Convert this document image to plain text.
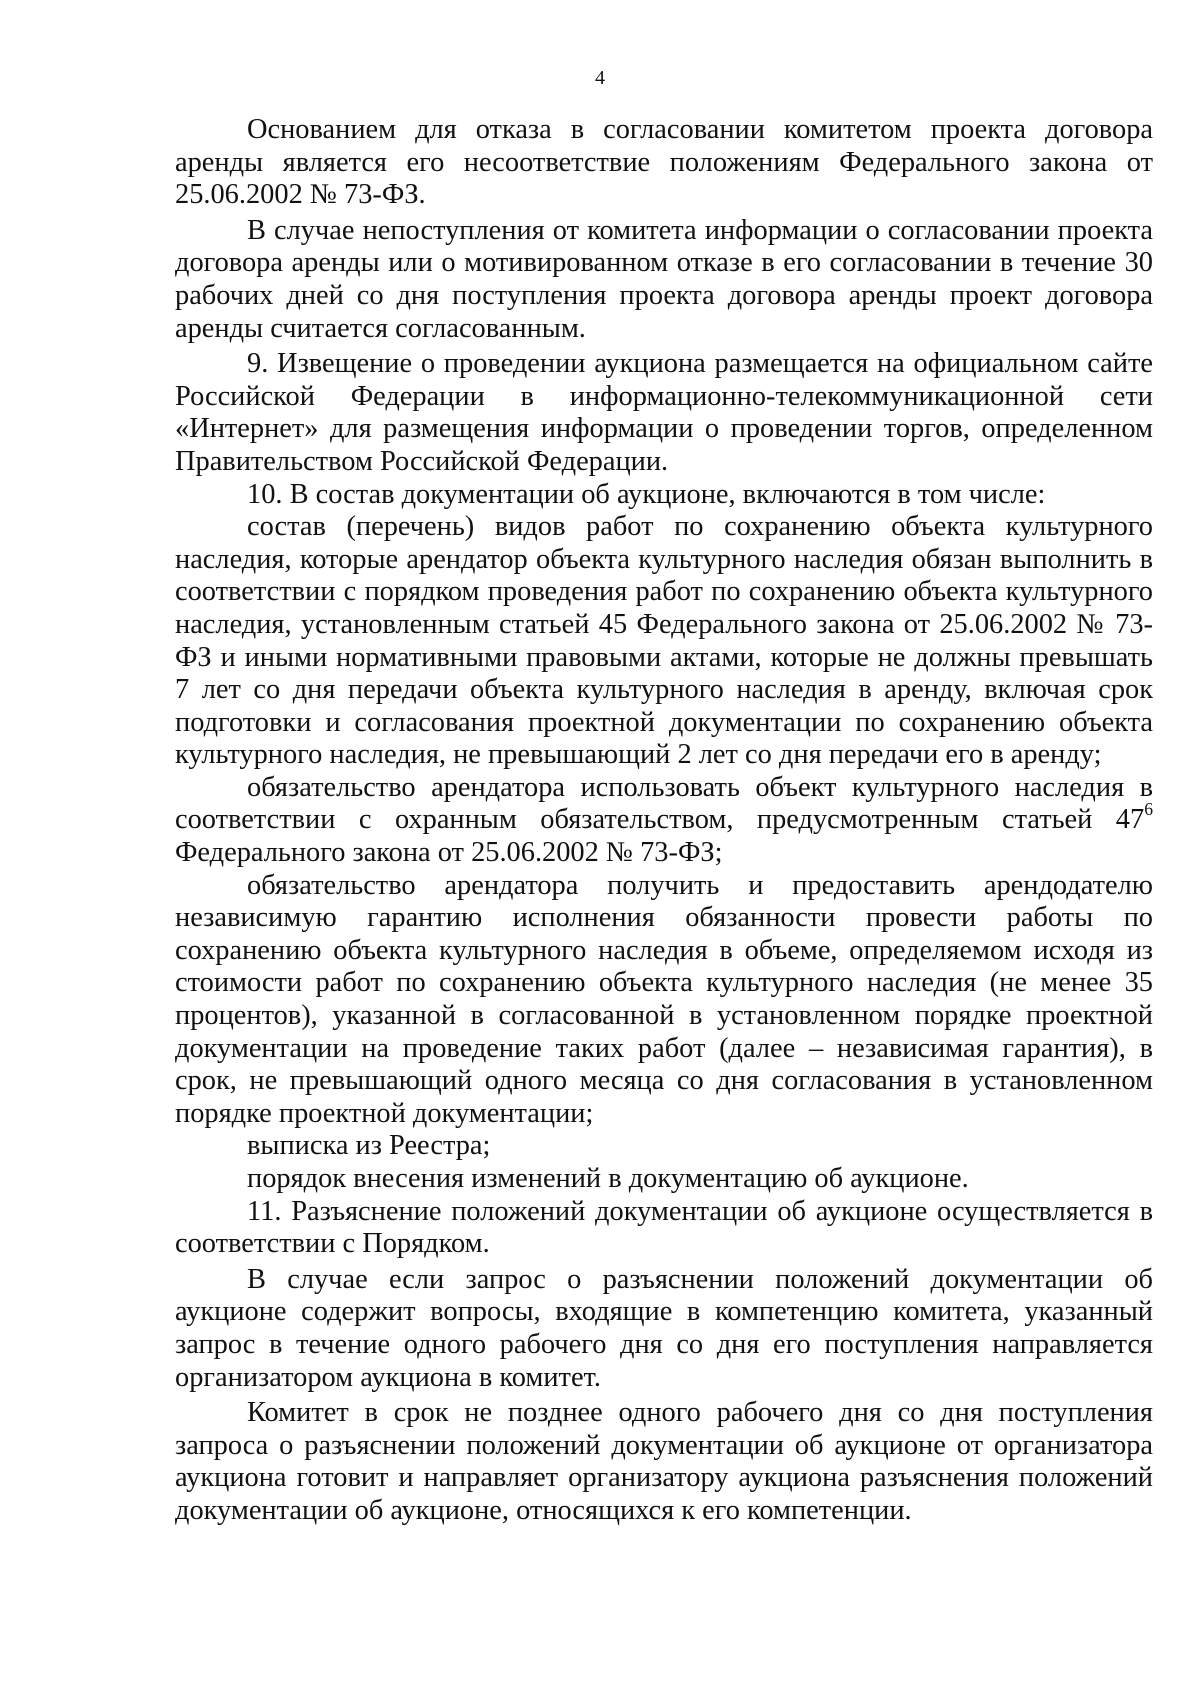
4

Основанием для отказа в согласовании комитетом проекта договора аренды является его несоответствие положениям Федерального закона от 25.06.2002 № 73-ФЗ.

В случае непоступления от комитета информации о согласовании проекта договора аренды или о мотивированном отказе в его согласовании в течение 30 рабочих дней со дня поступления проекта договора аренды проект договора аренды считается согласованным.

9. Извещение о проведении аукциона размещается на официальном сайте Российской Федерации в информационно-телекоммуникационной сети «Интернет» для размещения информации о проведении торгов, определенном Правительством Российской Федерации.

10. В состав документации об аукционе, включаются в том числе:

состав (перечень) видов работ по сохранению объекта культурного наследия, которые арендатор объекта культурного наследия обязан выполнить в соответствии с порядком проведения работ по сохранению объекта культурного наследия, установленным статьей 45 Федерального закона от 25.06.2002 № 73-ФЗ и иными нормативными правовыми актами, которые не должны превышать 7 лет со дня передачи объекта культурного наследия в аренду, включая срок подготовки и согласования проектной документации по сохранению объекта культурного наследия, не превышающий 2 лет со дня передачи его в аренду;

обязательство арендатора использовать объект культурного наследия в соответствии с охранным обязательством, предусмотренным статьей $47^6$ Федерального закона от 25.06.2002 № 73-ФЗ;

обязательство арендатора получить и предоставить арендодателю независимую гарантию исполнения обязанности провести работы по сохранению объекта культурного наследия в объеме, определяемом исходя из стоимости работ по сохранению объекта культурного наследия (не менее 35 процентов), указанной в согласованной в установленном порядке проектной документации на проведение таких работ (далее – независимая гарантия), в срок, не превышающий одного месяца со дня согласования в установленном порядке проектной документации;

выписка из Реестра;

порядок внесения изменений в документацию об аукционе.

11. Разъяснение положений документации об аукционе осуществляется в соответствии с Порядком.

В случае если запрос о разъяснении положений документации об аукционе содержит вопросы, входящие в компетенцию комитета, указанный запрос в течение одного рабочего дня со дня его поступления направляется организатором аукциона в комитет.

Комитет в срок не позднее одного рабочего дня со дня поступления запроса о разъяснении положений документации об аукционе от организатора аукциона готовит и направляет организатору аукциона разъяснения положений документации об аукционе, относящихся к его компетенции.
